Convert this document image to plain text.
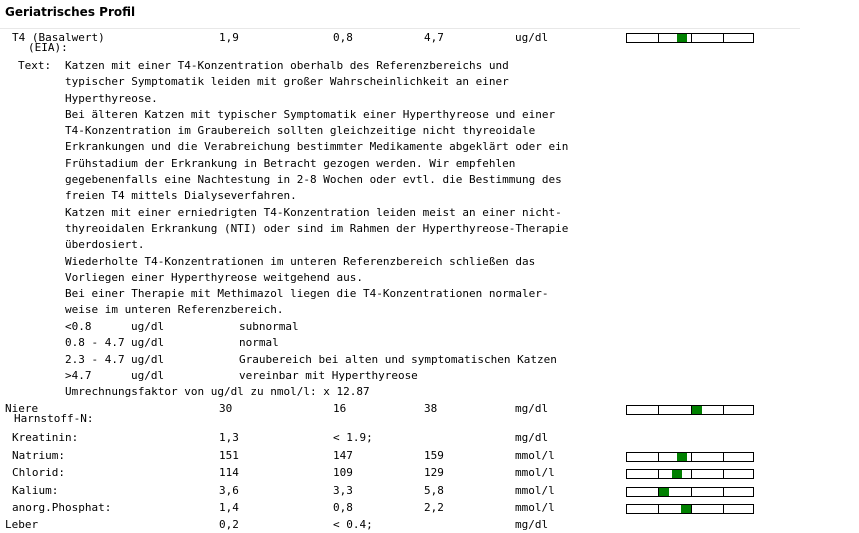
Geriatrisches Profil
T4 (Basalwert)
(EIA):
1,9	0,8	4,7	ug/dl
Text: Katzen mit einer T4-Konzentration oberhalb des Referenzbereichs und
typischer Symptomatik leiden mit großer Wahrscheinlichkeit an einer
Hyperthyreose.
Bei älteren Katzen mit typischer Symptomatik einer Hyperthyreose und einer
T4-Konzentration im Graubereich sollten gleichzeitige nicht thyreoidale
Erkrankungen und die Verabreichung bestimmter Medikamente abgeklärt oder ein
Frühstadium der Erkrankung in Betracht gezogen werden. Wir empfehlen
gegebenenfalls eine Nachtestung in 2-8 Wochen oder evtl. die Bestimmung des
freien T4 mittels Dialyseverfahren.
Katzen mit einer erniedrigten T4-Konzentration leiden meist an einer nicht-
thyreoidalen Erkrankung (NTI) oder sind im Rahmen der Hyperthyreose-Therapie
überdosiert.
Wiederholte T4-Konzentrationen im unteren Referenzbereich schließen das
Vorliegen einer Hyperthyreose weitgehend aus.
Bei einer Therapie mit Methimazol liegen die T4-Konzentrationen normaler-
weise im unteren Referenzbereich.
<0.8	ug/dl	subnormal
0.8 - 4.7 ug/dl	normal
2.3 - 4.7 ug/dl	Graubereich bei alten und symptomatischen Katzen
>4.7	ug/dl	vereinbar mit Hyperthyreose
Umrechnungsfaktor von ug/dl zu nmol/l: x 12.87
Niere
Harnstoff-N:
30	16	38	mg/dl
Kreatinin:	1,3	< 1.9;	mg/dl
Natrium:	151	147	159	mmol/l
Chlorid:	114	109	129	mmol/l
Kalium:	3,6	3,3	5,8	mmol/l
anorg.Phosphat:	1,4	0,8	2,2	mmol/l
Leber	0,2	< 0.4;	mg/dl
